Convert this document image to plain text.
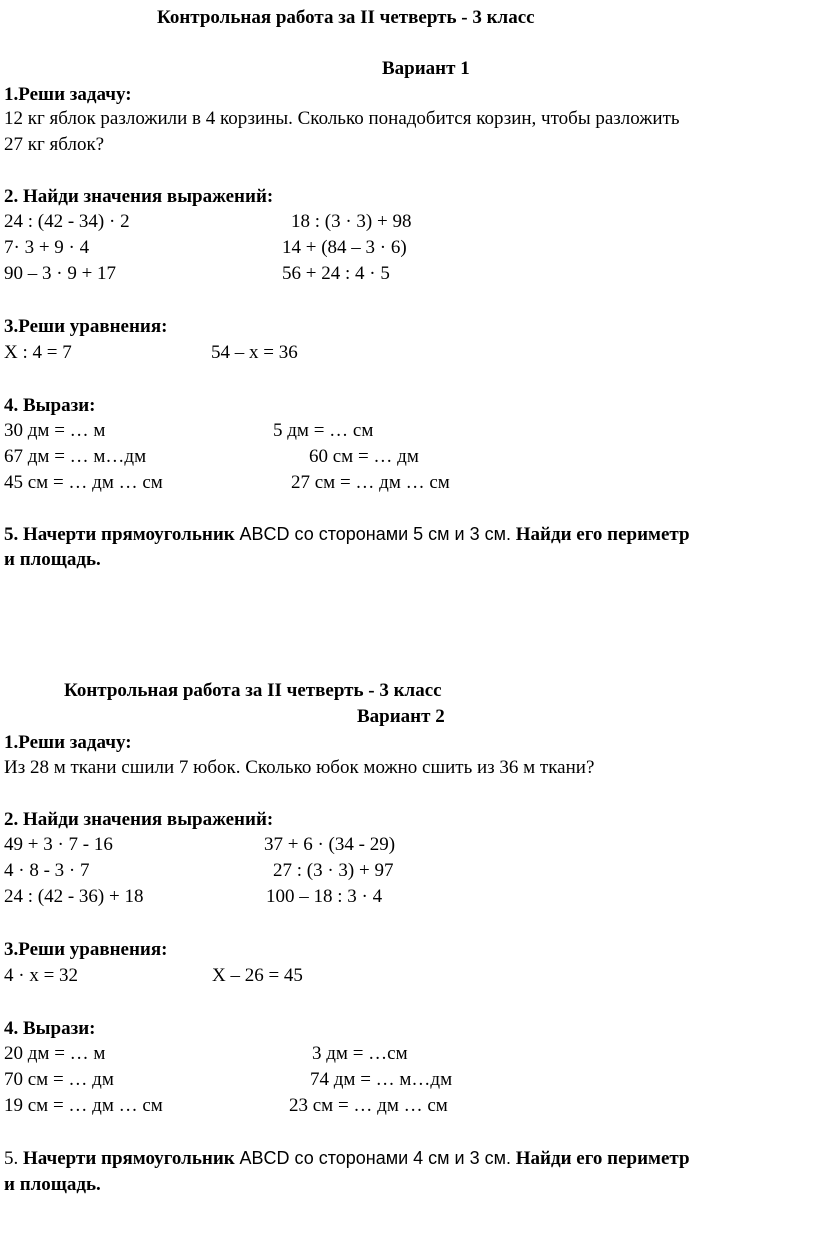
Контрольная работа за II четверть - 3 класс
Вариант 1
1.Реши задачу:
12 кг яблок разложили в 4 корзины. Сколько понадобится корзин, чтобы разложить
27 кг яблок?
2. Найди значения выражений:
24 : (42 - 34) · 2	18 : (3 · 3) + 98
7· 3 + 9 · 4	14 + (84 – 3 · 6)
90 – 3 · 9 + 17	56 + 24 : 4 · 5
3.Реши уравнения:
X : 4 = 7	54 – x = 36
4. Вырази:
30 дм = … м	5 дм = … см
67 дм = … м…дм	60 см = … дм
45 см = … дм … см	27 см = … дм … см
5. Начерти прямоугольник ABCD со сторонами 5 см и 3 см. Найди его периметр
и площадь.
Контрольная работа за II четверть - 3 класс
Вариант 2
1.Реши задачу:
Из 28 м ткани сшили 7 юбок. Сколько юбок можно сшить из 36 м ткани?
2. Найди значения выражений:
49 + 3 · 7 - 16	37 + 6 · (34 - 29)
4 · 8 - 3 · 7	27 : (3 · 3) + 97
24 : (42 - 36) + 18	100 – 18 : 3 · 4
3.Реши уравнения:
4 · x = 32	X – 26 = 45
4. Вырази:
20 дм = … м	3 дм = …см
70 см = … дм	74 дм = … м…дм
19 см = … дм … см	23 см = … дм … см
5. Начерти прямоугольник ABCD со сторонами 4 см и 3 см. Найди его периметр
и площадь.
